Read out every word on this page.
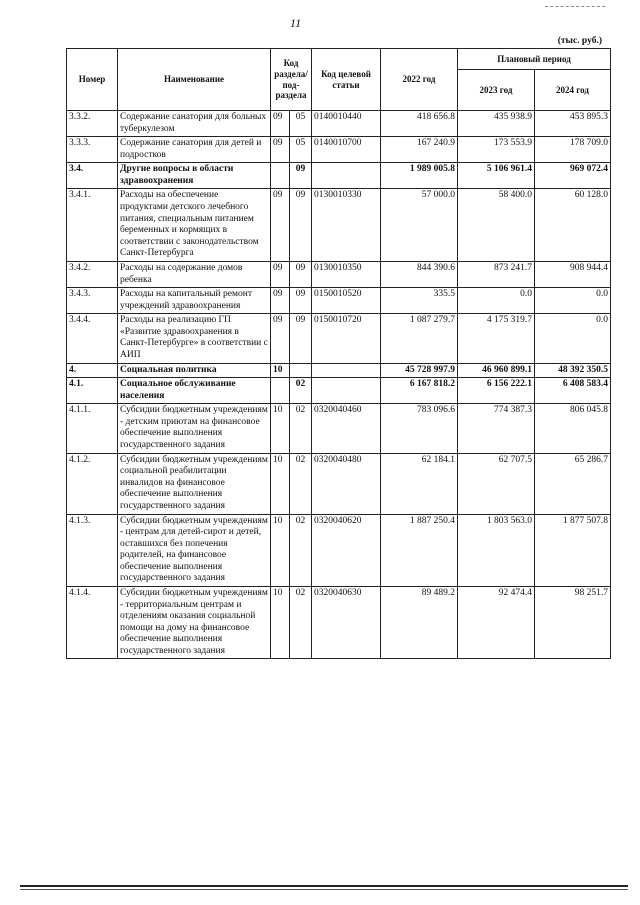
11
(тыс. руб.)
Номер	Наименование	Код раздела/ под- раздела		Код целевой статьи	2022 год	Плановый период	
						2023 год	2024 год
3.3.2.	Содержание санатория для больных туберкулезом	09	05	0140010440	418 656.8	435 938.9	453 895.3
3.3.3.	Содержание санатория для детей и подростков	09	05	0140010700	167 240.9	173 553.9	178 709.0
3.4.	Другие вопросы в области здравоохранения		09		1 989 005.8	5 106 961.4	969 072.4
3.4.1.	Расходы на обеспечение продуктами детского лечебного питания, специальным питанием беременных и кормящих в соответствии с законодательством Санкт-Петербурга	09	09	0130010330	57 000.0	58 400.0	60 128.0
3.4.2.	Расходы на содержание домов ребенка	09	09	0130010350	844 390.6	873 241.7	908 944.4
3.4.3.	Расходы на капитальный ремонт учреждений здравоохранения	09	09	0150010520	335.5	0.0	0.0
3.4.4.	Расходы на реализацию ГП «Развитие здравоохранения в Санкт-Петербурге» в соответствии с АИП	09	09	0150010720	1 087 279.7	4 175 319.7	0.0
4.	Социальная политика	10			45 728 997.9	46 960 899.1	48 392 350.5
4.1.	Социальное обслуживание населения		02		6 167 818.2	6 156 222.1	6 408 583.4
4.1.1.	Субсидии бюджетным учреждениям - детским приютам на финансовое обеспечение выполнения государственного задания	10	02	0320040460	783 096.6	774 387.3	806 045.8
4.1.2.	Субсидии бюджетным учреждениям социальной реабилитации инвалидов на финансовое обеспечение выполнения государственного задания	10	02	0320040480	62 184.1	62 707.5	65 286.7
4.1.3.	Субсидии бюджетным учреждениям - центрам для детей-сирот и детей, оставшихся без попечения родителей, на финансовое обеспечение выполнения государственного задания	10	02	0320040620	1 887 250.4	1 803 563.0	1 877 507.8
4.1.4.	Субсидии бюджетным учреждениям - территориальным центрам и отделениям оказания социальной помощи на дому на финансовое обеспечение выполнения государственного задания	10	02	0320040630	89 489.2	92 474.4	98 251.7
